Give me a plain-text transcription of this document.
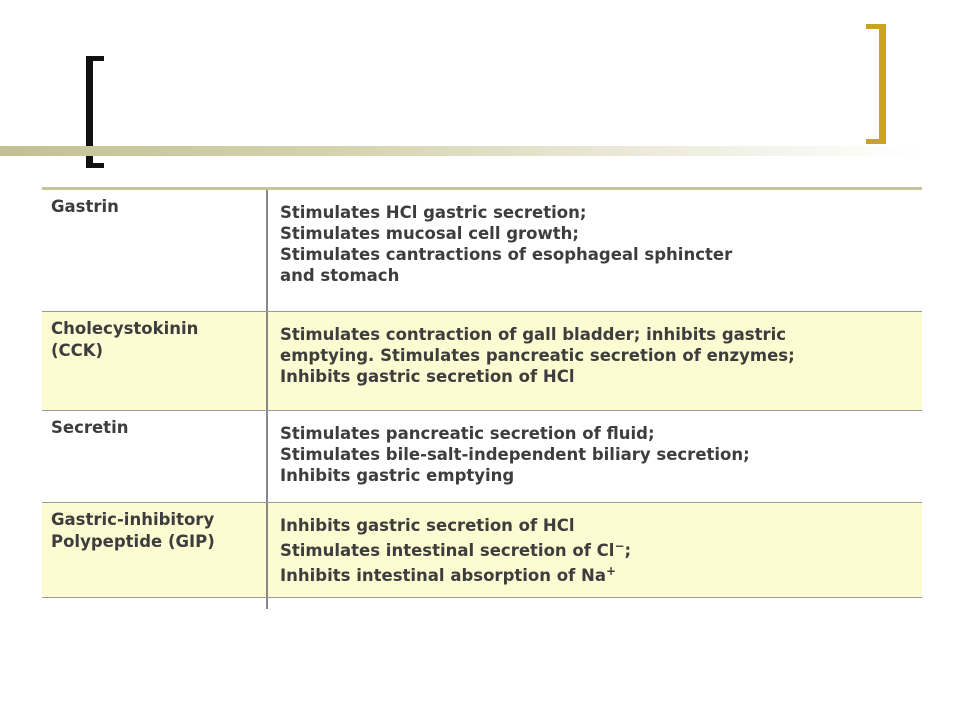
Gastrin	Stimulates HCl gastric secretion;
Stimulates mucosal cell growth;
Stimulates cantractions of esophageal sphincter
and stomach
Cholecystokinin
(CCK)
Stimulates contraction of gall bladder; inhibits gastric
emptying. Stimulates pancreatic secretion of enzymes;
Inhibits gastric secretion of HCl
Secretin	Stimulates pancreatic secretion of fluid;
Stimulates bile-salt-independent biliary secretion;
Inhibits gastric emptying
Gastric-inhibitory
Polypeptide (GIP)
Inhibits gastric secretion of HCl
Stimulates intestinal secretion of Cl−;
Inhibits intestinal absorption of Na+
